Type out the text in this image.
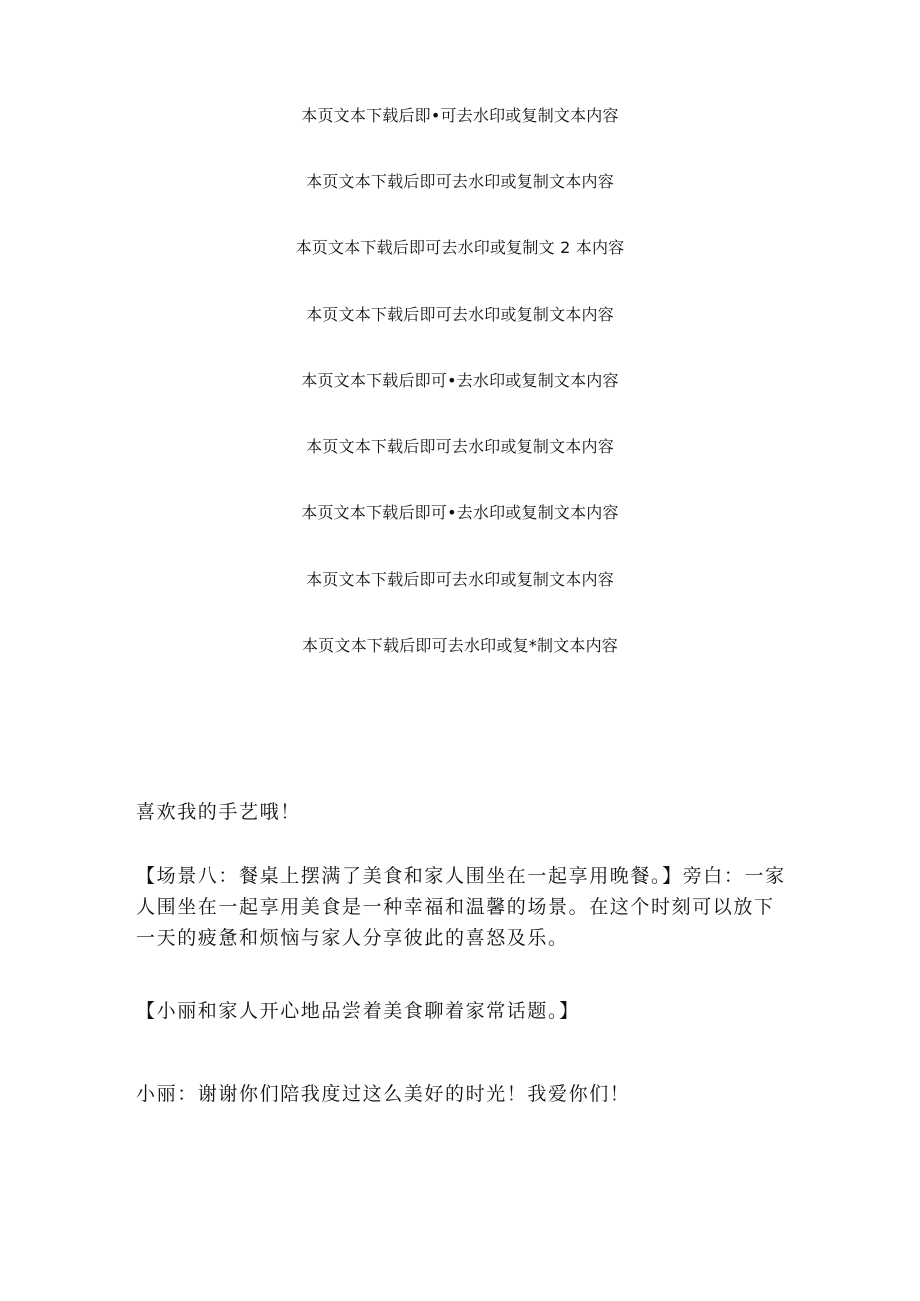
本页文本下载后即•可去水印或复制文本内容
本页文本下载后即可去水印或复制文本内容
本页文本下载后即可去水印或复制文 2 本内容
本页文本下载后即可去水印或复制文本内容
本页文本下载后即可•去水印或复制文本内容
本页文本下载后即可去水印或复制文本内容
本页文本下载后即可•去水印或复制文本内容
本页文本下载后即可去水印或复制文本内容
本页文本下载后即可去水印或复*制文本内容

喜欢我的手艺哦！

【场景八：餐桌上摆满了美食和家人围坐在一起享用晚餐。】旁白：一家人围坐在一起享用美食是一种幸福和温馨的场景。在这个时刻可以放下一天的疲惫和烦恼与家人分享彼此的喜怒及乐。

【小丽和家人开心地品尝着美食聊着家常话题。】

小丽：谢谢你们陪我度过这么美好的时光！我爱你们！
